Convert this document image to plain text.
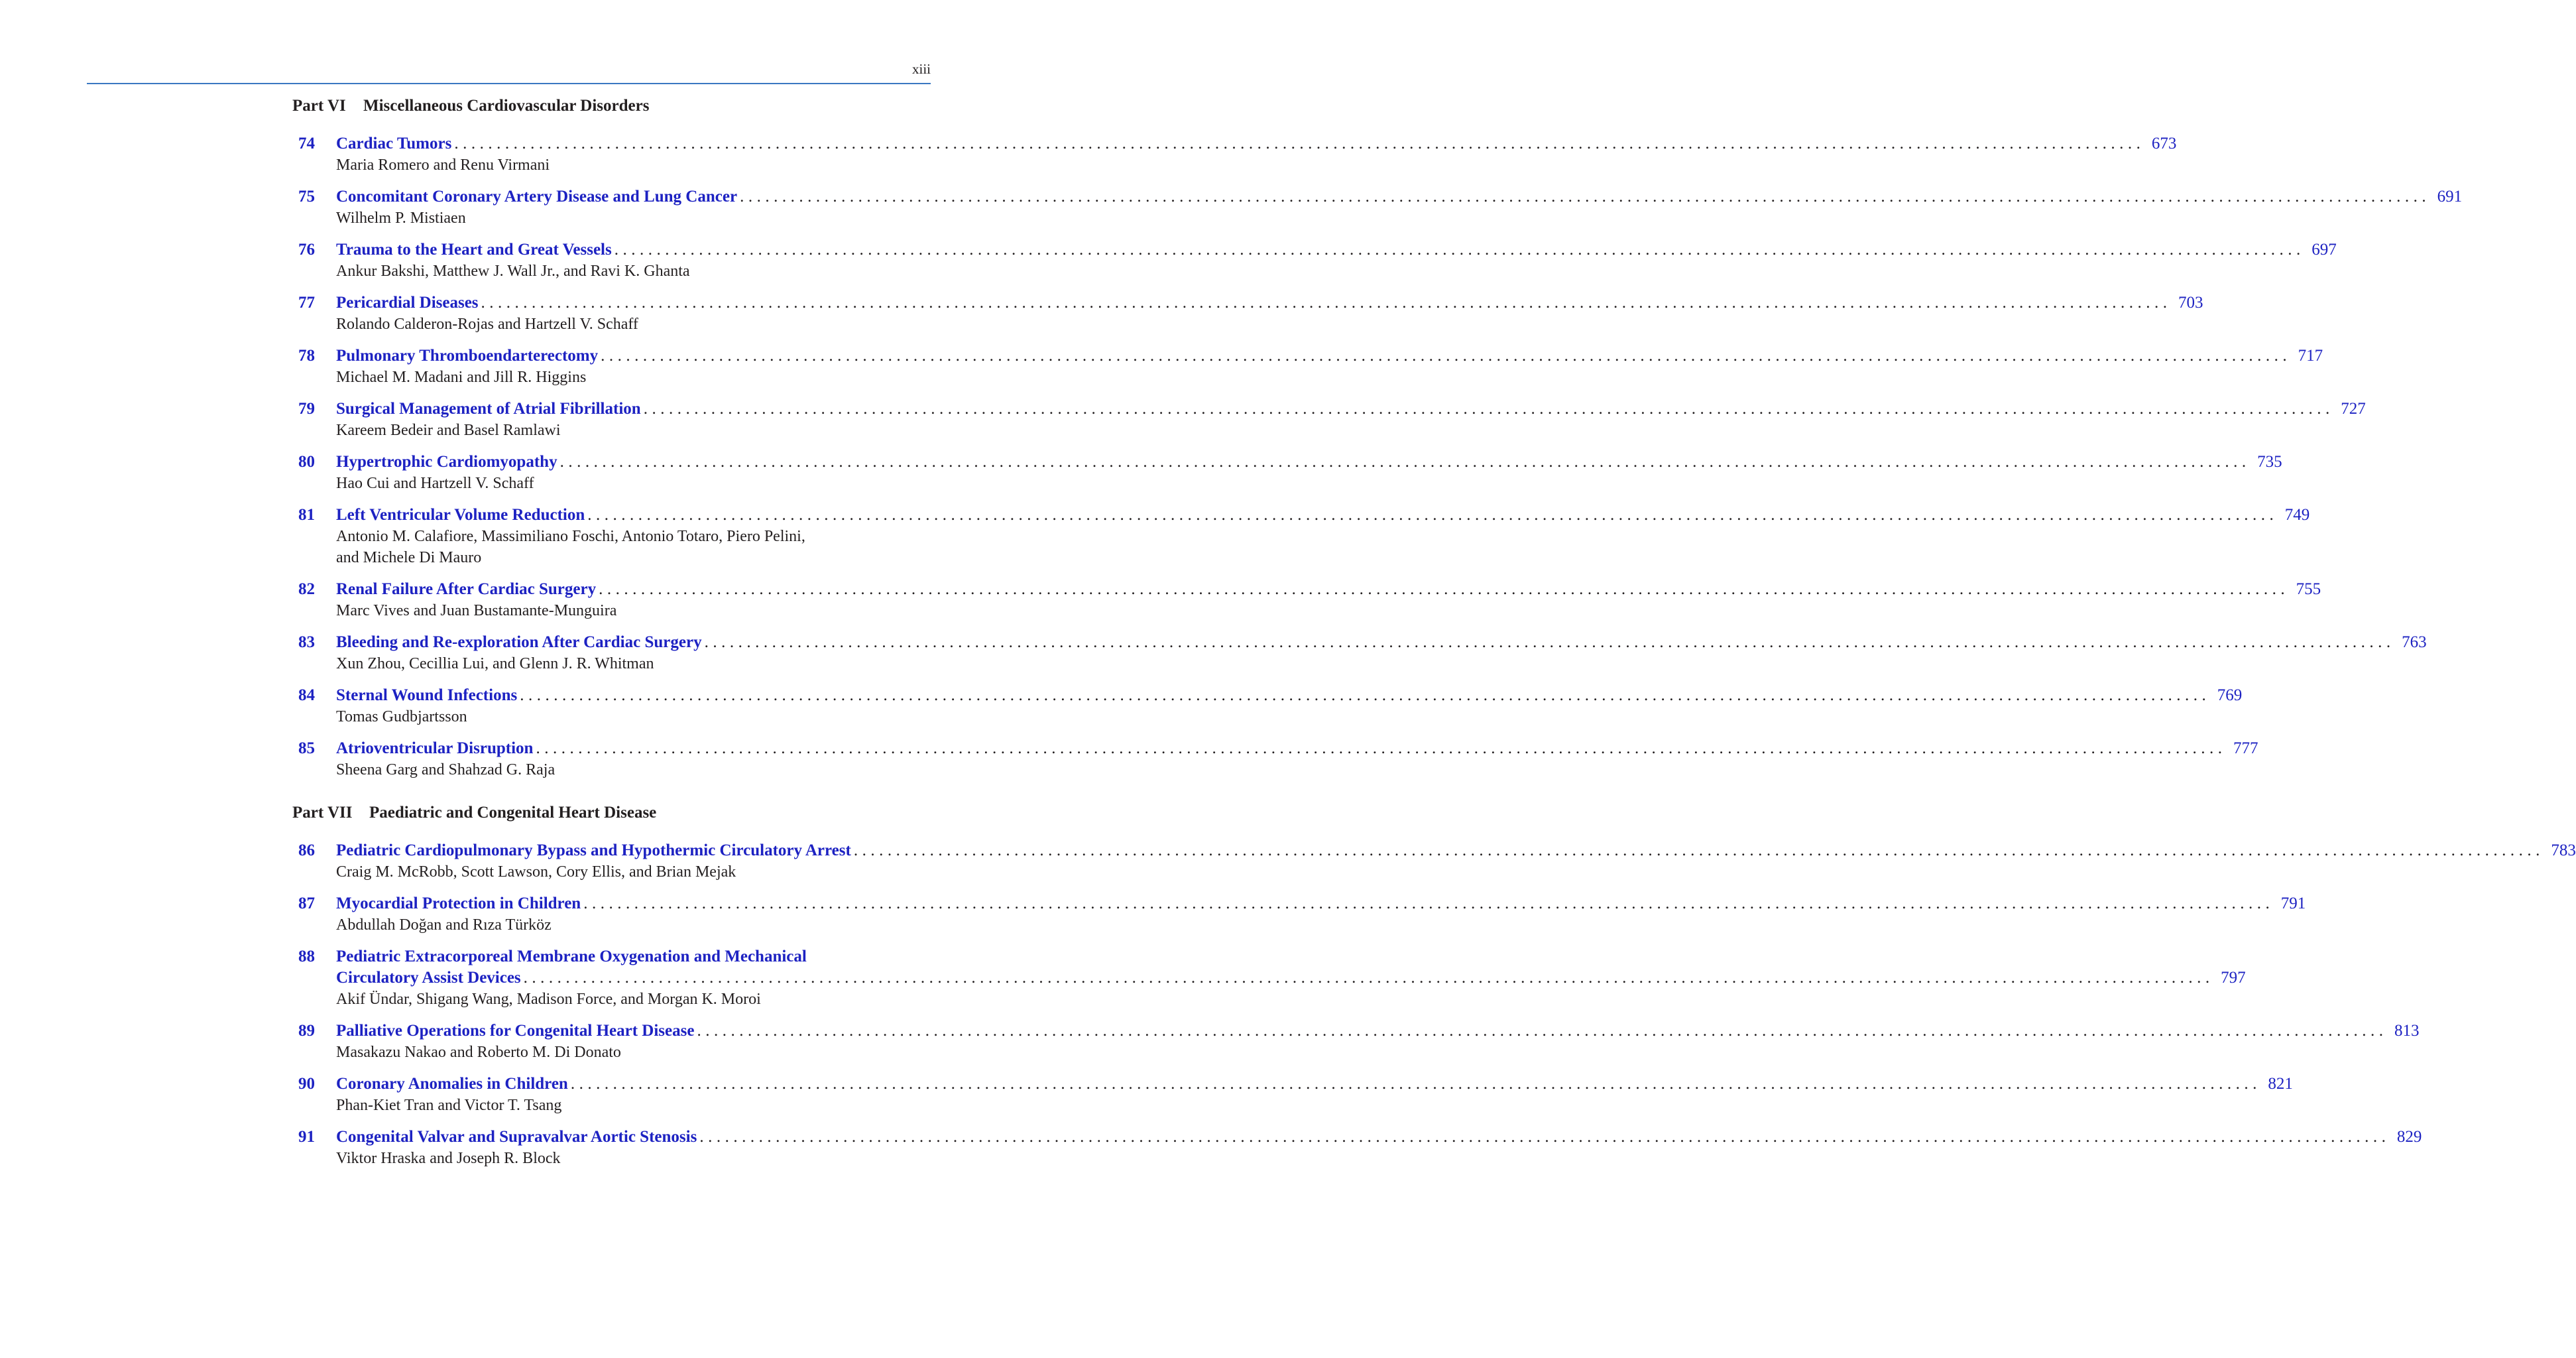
xiii
Part VI	Miscellaneous Cardiovascular Disorders
74	Cardiac Tumors ........................................................................................................................................................................................................ 673
Maria Romero and Renu Virmani
75	Concomitant Coronary Artery Disease and Lung Cancer ........................................................................................................................................................................................................ 691
Wilhelm P. Mistiaen
76	Trauma to the Heart and Great Vessels ........................................................................................................................................................................................................ 697
Ankur Bakshi, Matthew J. Wall Jr., and Ravi K. Ghanta
77	Pericardial Diseases ........................................................................................................................................................................................................ 703
Rolando Calderon-Rojas and Hartzell V. Schaff
78	Pulmonary Thromboendarterectomy ........................................................................................................................................................................................................ 717
Michael M. Madani and Jill R. Higgins
79	Surgical Management of Atrial Fibrillation ........................................................................................................................................................................................................ 727
Kareem Bedeir and Basel Ramlawi
80	Hypertrophic Cardiomyopathy ........................................................................................................................................................................................................ 735
Hao Cui and Hartzell V. Schaff
81	Left Ventricular Volume Reduction ........................................................................................................................................................................................................ 749
Antonio M. Calafiore, Massimiliano Foschi, Antonio Totaro, Piero Pelini,
and Michele Di Mauro
82	Renal Failure After Cardiac Surgery ........................................................................................................................................................................................................ 755
Marc Vives and Juan Bustamante-Munguira
83	Bleeding and Re-exploration After Cardiac Surgery ........................................................................................................................................................................................................ 763
Xun Zhou, Cecillia Lui, and Glenn J. R. Whitman
84	Sternal Wound Infections ........................................................................................................................................................................................................ 769
Tomas Gudbjartsson
85	Atrioventricular Disruption ........................................................................................................................................................................................................ 777
Sheena Garg and Shahzad G. Raja
Part VII	Paediatric and Congenital Heart Disease
86	Pediatric Cardiopulmonary Bypass and Hypothermic Circulatory Arrest ........................................................................................................................................................................................................ 783
Craig M. McRobb, Scott Lawson, Cory Ellis, and Brian Mejak
87	Myocardial Protection in Children ........................................................................................................................................................................................................ 791
Abdullah Doğan and Rıza Türköz
88	Pediatric Extracorporeal Membrane Oxygenation and Mechanical
Circulatory Assist Devices ........................................................................................................................................................................................................ 797
Akif Ündar, Shigang Wang, Madison Force, and Morgan K. Moroi
89	Palliative Operations for Congenital Heart Disease ........................................................................................................................................................................................................ 813
Masakazu Nakao and Roberto M. Di Donato
90	Coronary Anomalies in Children ........................................................................................................................................................................................................ 821
Phan-Kiet Tran and Victor T. Tsang
91	Congenital Valvar and Supravalvar Aortic Stenosis ........................................................................................................................................................................................................ 829
Viktor Hraska and Joseph R. Block
